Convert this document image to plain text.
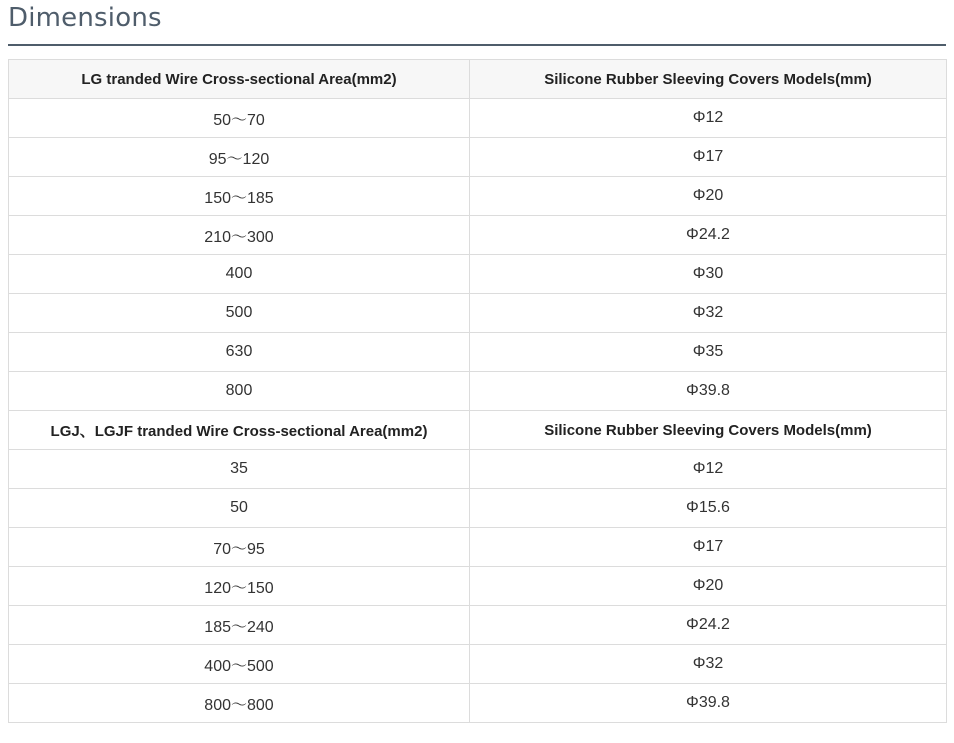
Dimensions
LG tranded Wire Cross-sectional Area(mm2)	Silicone Rubber Sleeving Covers Models(mm)
50～70	Φ12
95～120	Φ17
150～185	Φ20
210～300	Φ24.2
400	Φ30
500	Φ32
630	Φ35
800	Φ39.8
LGJ、LGJF tranded Wire Cross-sectional Area(mm2)	Silicone Rubber Sleeving Covers Models(mm)
35	Φ12
50	Φ15.6
70～95	Φ17
120～150	Φ20
185～240	Φ24.2
400～500	Φ32
800～800	Φ39.8
